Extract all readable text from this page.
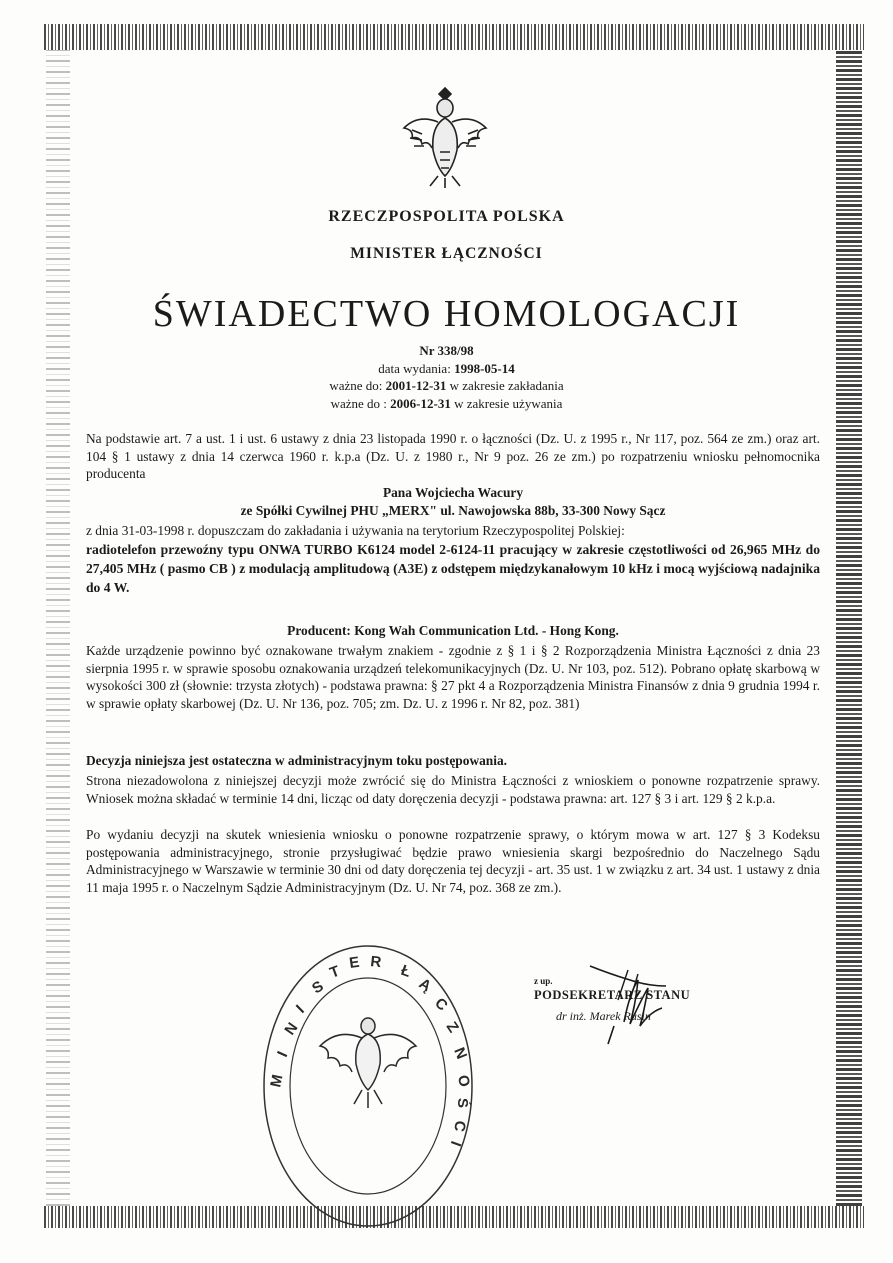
RZECZPOSPOLITA POLSKA
MINISTER ŁĄCZNOŚCI
ŚWIADECTWO HOMOLOGACJI
Nr 338/98
data wydania: 1998-05-14
ważne do: 2001-12-31 w zakresie zakładania
ważne do : 2006-12-31 w zakresie używania
Na podstawie art. 7 a ust. 1 i ust. 6 ustawy z dnia 23 listopada 1990 r. o łączności (Dz. U. z 1995 r., Nr 117, poz. 564 ze zm.) oraz art. 104 § 1 ustawy z dnia 14 czerwca 1960 r. k.p.a (Dz. U. z 1980 r., Nr 9 poz. 26 ze zm.) po rozpatrzeniu wniosku pełnomocnika producenta
Pana Wojciecha Wacury
ze Spółki Cywilnej PHU „MERX" ul. Nawojowska 88b, 33-300 Nowy Sącz
z dnia 31-03-1998 r. dopuszczam do zakładania i używania na terytorium Rzeczypospolitej Polskiej:
radiotelefon przewoźny typu ONWA TURBO K6124 model 2-6124-11 pracujący w zakresie częstotliwości od 26,965 MHz do 27,405 MHz ( pasmo CB ) z modulacją amplitudową (A3E) z odstępem międzykanałowym 10 kHz i mocą wyjściową nadajnika do 4 W.
Producent: Kong Wah Communication Ltd. - Hong Kong.
Każde urządzenie powinno być oznakowane trwałym znakiem - zgodnie z § 1 i § 2 Rozporządzenia Ministra Łączności z dnia 23 sierpnia 1995 r. w sprawie sposobu oznakowania urządzeń telekomunikacyjnych (Dz. U. Nr 103, poz. 512). Pobrano opłatę skarbową w wysokości 300 zł (słownie: trzysta złotych) - podstawa prawna: § 27 pkt 4 a Rozporządzenia Ministra Finansów z dnia 9 grudnia 1994 r. w sprawie opłaty skarbowej (Dz. U. Nr 136, poz. 705; zm. Dz. U. z 1996 r. Nr 82, poz. 381)
Decyzja niniejsza jest ostateczna w administracyjnym toku postępowania.
Strona niezadowolona z niniejszej decyzji może zwrócić się do Ministra Łączności z wnioskiem o ponowne rozpatrzenie sprawy. Wniosek można składać w terminie 14 dni, licząc od daty doręczenia decyzji - podstawa prawna: art. 127 § 3 i art. 129 § 2 k.p.a.
Po wydaniu decyzji na skutek wniesienia wniosku o ponowne rozpatrzenie sprawy, o którym mowa w art. 127 § 3 Kodeksu postępowania administracyjnego, stronie przysługiwać będzie prawo wniesienia skargi bezpośrednio do Naczelnego Sądu Administracyjnego w Warszawie w terminie 30 dni od daty doręczenia tej decyzji - art. 35 ust. 1 w związku z art. 34 ust. 1 ustawy z dnia 11 maja 1995 r. o Naczelnym Sądzie Administracyjnym (Dz. U. Nr 74, poz. 368 ze zm.).
M
I
N
I
S
T E R Ł
Ą
C
Z
N
O
Ś
C
I
z up.
PODSEKRETARZ STANU
dr inż. Marek Rusin
